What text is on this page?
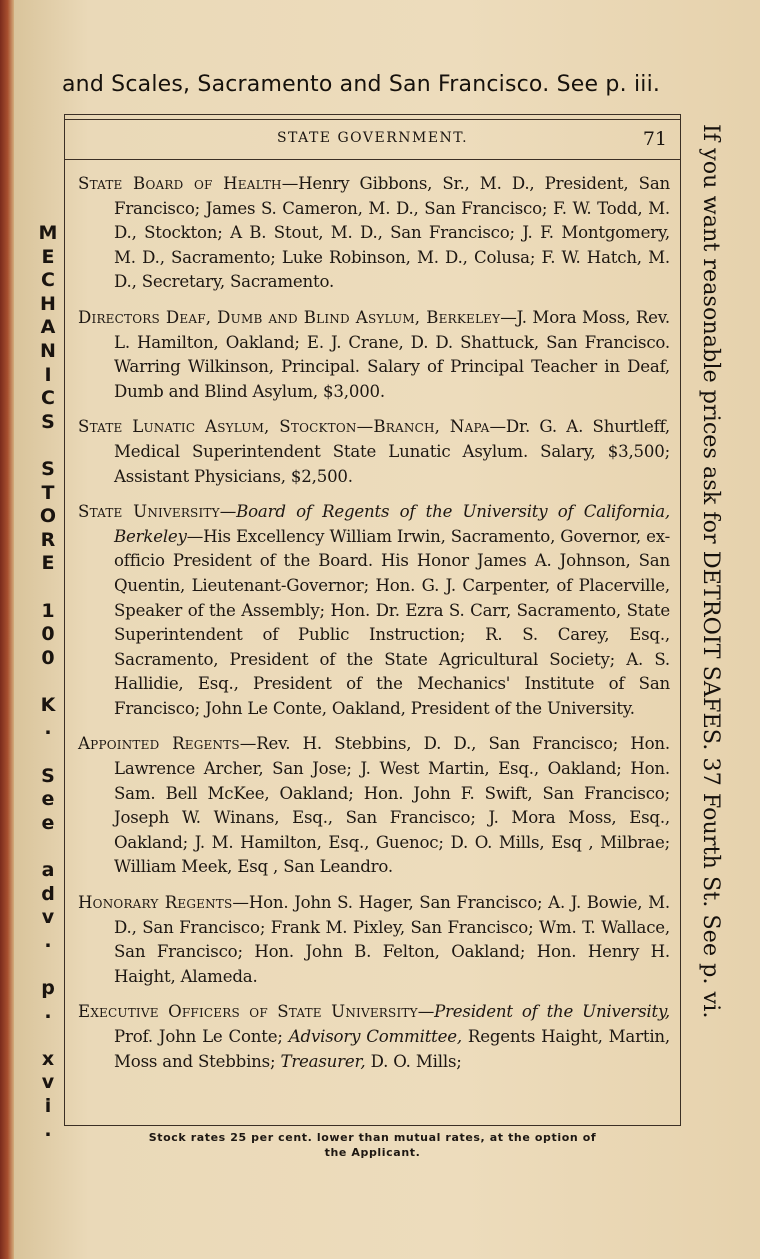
and Scales, Sacramento and San Francisco. See p. iii.
M
E
C
H
A
N
I
C
S

S
T
O
R
E

1
0
0

K
.

S
e
e

a
d
v
.

p
.

x
v
i
.
If you want reasonable prices ask for DETROIT SAFES. 37 Fourth St. See p. vi.
STATE GOVERNMENT.	71

State Board of Health—Henry Gibbons, Sr., M. D., President, San Francisco; James S. Cameron, M. D., San Francisco; F. W. Todd, M. D., Stockton; A B. Stout, M. D., San Francisco; J. F. Montgomery, M. D., Sacramento; Luke Robinson, M. D., Colusa; F. W. Hatch, M. D., Secretary, Sacramento.

Directors Deaf, Dumb and Blind Asylum, Berkeley—J. Mora Moss, Rev. L. Hamilton, Oakland; E. J. Crane, D. D. Shattuck, San Francisco. Warring Wilkinson, Principal. Salary of Principal Teacher in Deaf, Dumb and Blind Asylum, $3,000.

State Lunatic Asylum, Stockton—Branch, Napa—Dr. G. A. Shurtleff, Medical Superintendent State Lunatic Asylum. Salary, $3,500; Assistant Physicians, $2,500.

State University—Board of Regents of the University of California, Berkeley—His Excellency William Irwin, Sacramento, Governor, ex-officio President of the Board. His Honor James A. Johnson, San Quentin, Lieutenant-Governor; Hon. G. J. Carpenter, of Placerville, Speaker of the Assembly; Hon. Dr. Ezra S. Carr, Sacramento, State Superintendent of Public Instruction; R. S. Carey, Esq., Sacramento, President of the State Agricultural Society; A. S. Hallidie, Esq., President of the Mechanics' Institute of San Francisco; John Le Conte, Oakland, President of the University.

Appointed Regents—Rev. H. Stebbins, D. D., San Francisco; Hon. Lawrence Archer, San Jose; J. West Martin, Esq., Oakland; Hon. Sam. Bell McKee, Oakland; Hon. John F. Swift, San Francisco; Joseph W. Winans, Esq., San Francisco; J. Mora Moss, Esq., Oakland; J. M. Hamilton, Esq., Guenoc; D. O. Mills, Esq , Milbrae; William Meek, Esq , San Leandro.

Honorary Regents—Hon. John S. Hager, San Francisco; A. J. Bowie, M. D., San Francisco; Frank M. Pixley, San Francisco; Wm. T. Wallace, San Francisco; Hon. John B. Felton, Oakland; Hon. Henry H. Haight, Alameda.

Executive Officers of State University—President of the University, Prof. John Le Conte; Advisory Committee, Regents Haight, Martin, Moss and Stebbins; Treasurer, D. O. Mills;

Stock rates 25 per cent. lower than mutual rates, at the option of
the Applicant.
